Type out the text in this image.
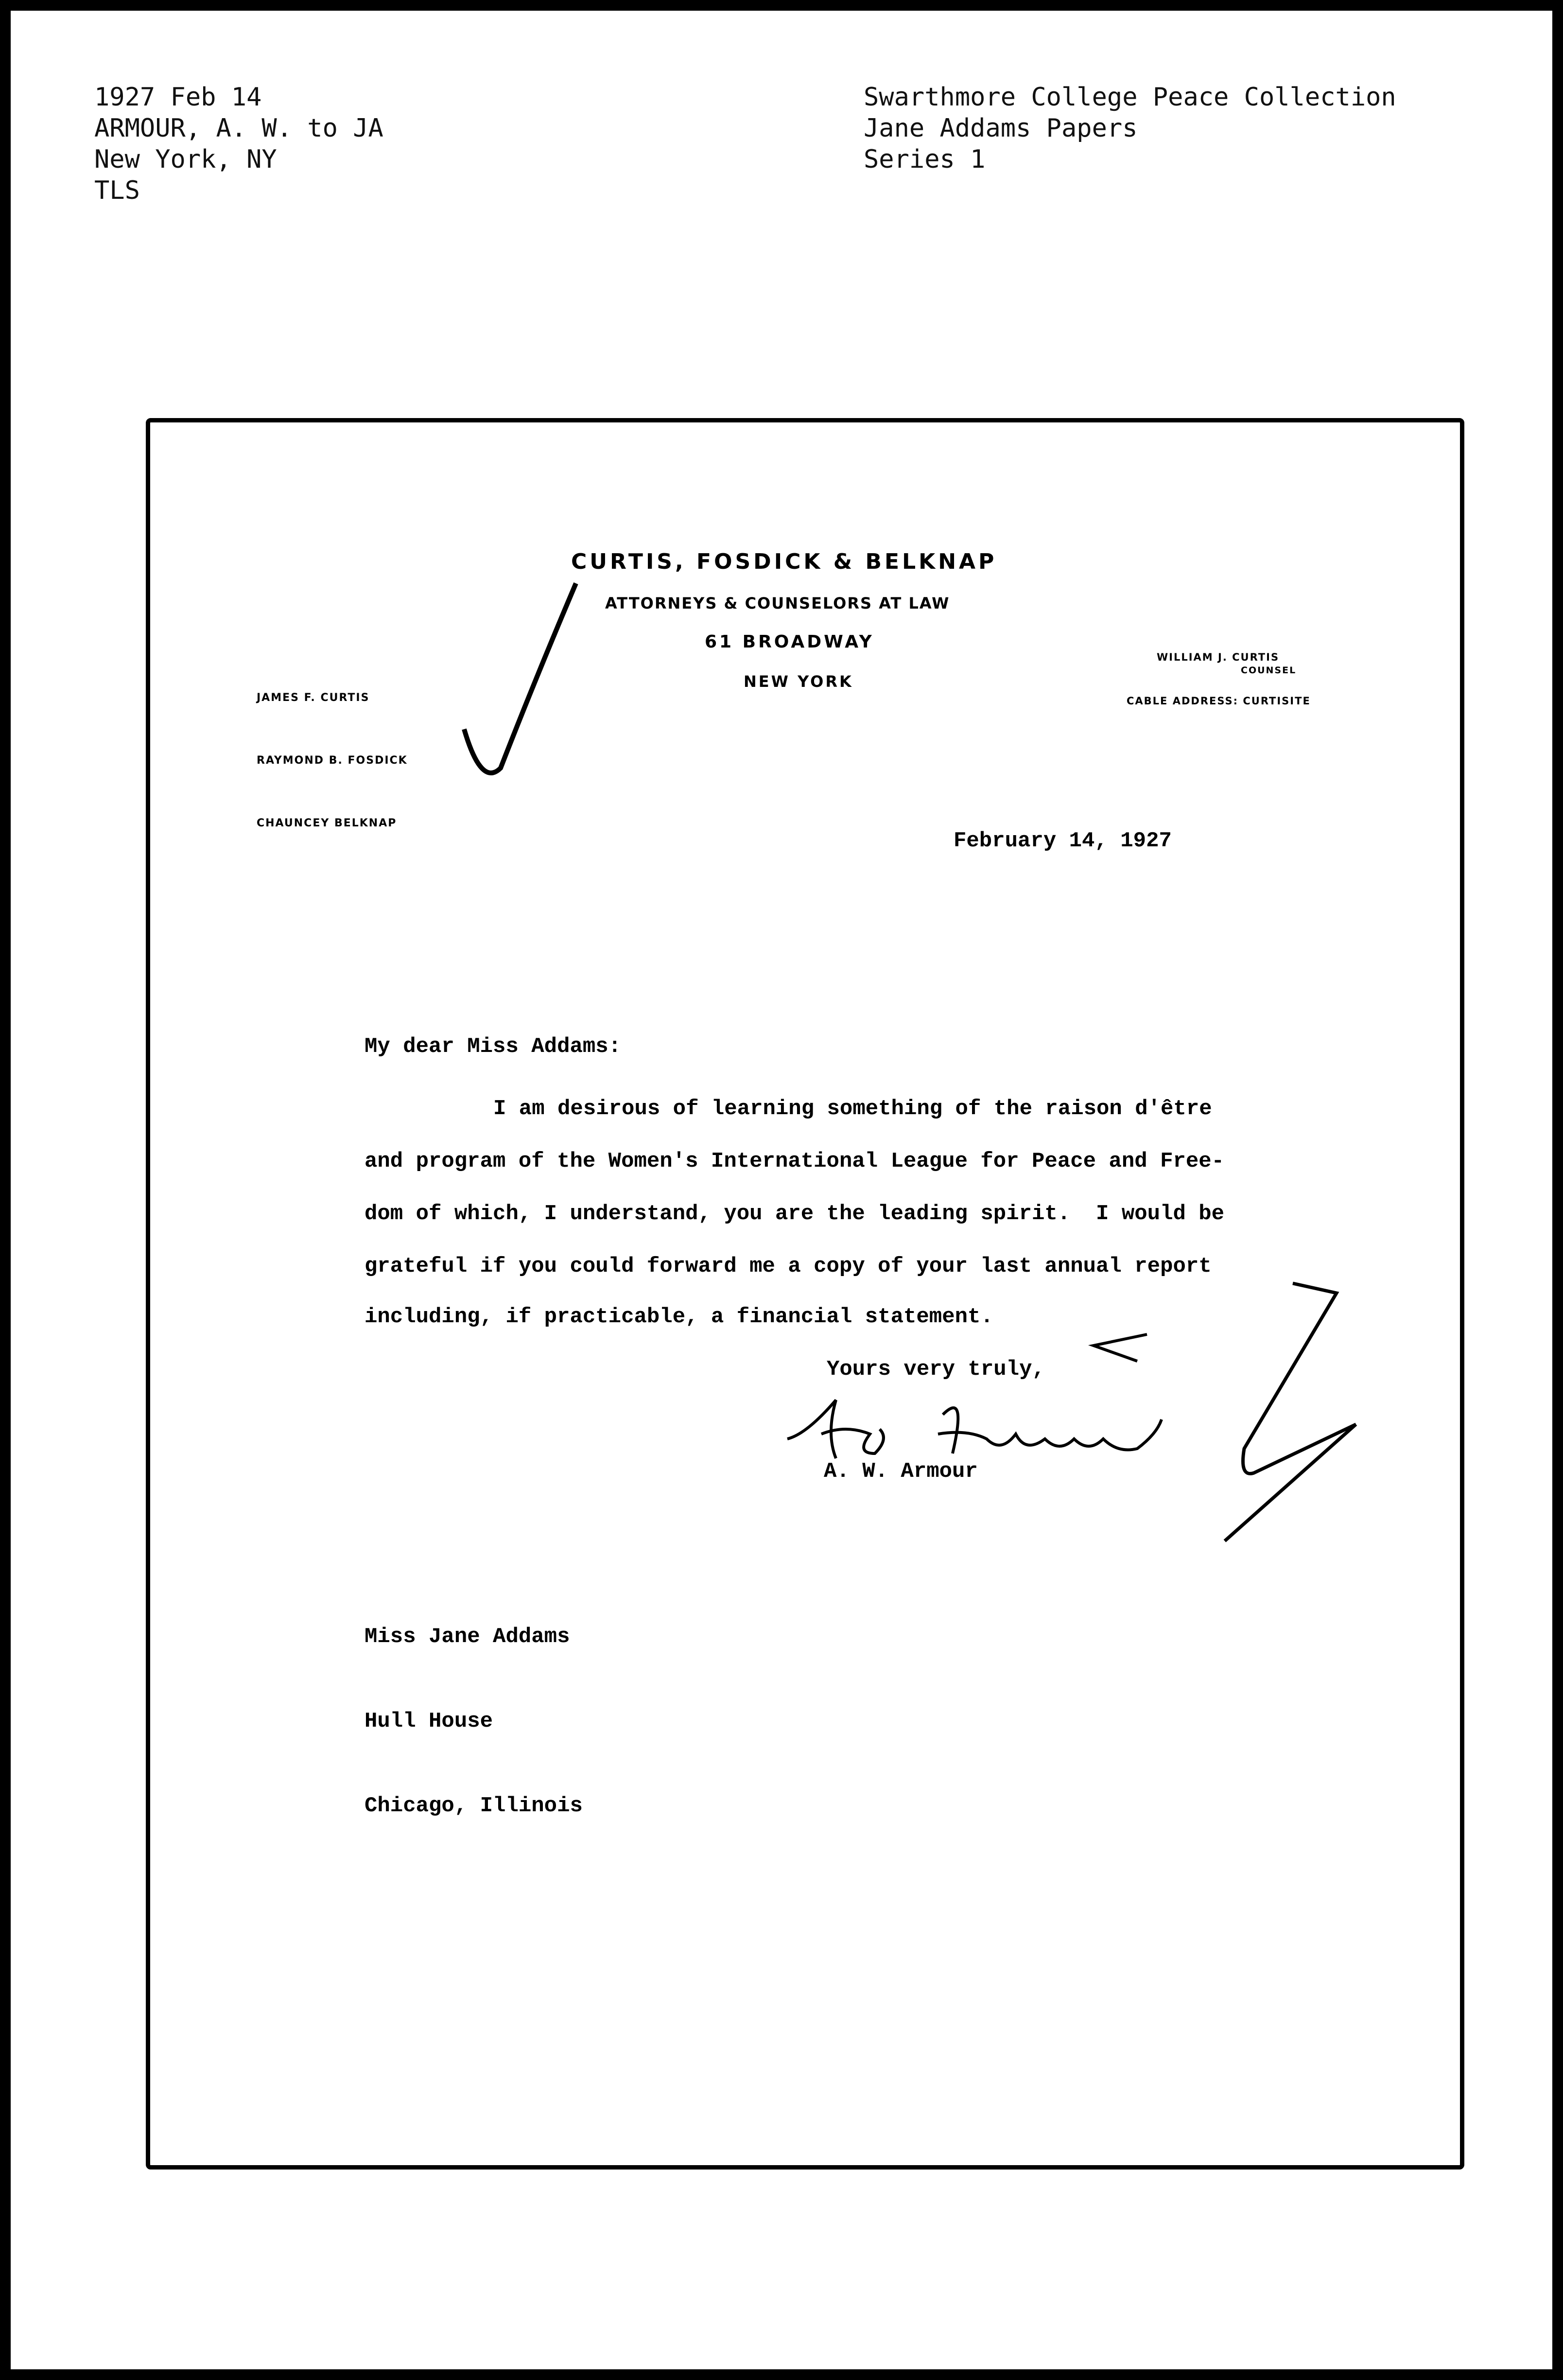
1927 Feb 14
ARMOUR, A. W. to JA
New York, NY
TLS
Swarthmore College Peace Collection
Jane Addams Papers
Series 1
CURTIS, FOSDICK & BELKNAP
ATTORNEYS & COUNSELORS AT LAW
61 BROADWAY
NEW YORK

JAMES F. CURTIS

RAYMOND B. FOSDICK

CHAUNCEY BELKNAP

WILLIAM J. CURTIS
COUNSEL
CABLE ADDRESS: CURTISITE
February 14, 1927
My dear Miss Addams:
I am desirous of learning something of the raison d'être
and program of the Women's International League for Peace and Free-
dom of which, I understand, you are the leading spirit.  I would be
grateful if you could forward me a copy of your last annual report
including, if practicable, a financial statement.
Yours very truly,
A. W. Armour

Miss Jane Addams

Hull House

Chicago, Illinois
